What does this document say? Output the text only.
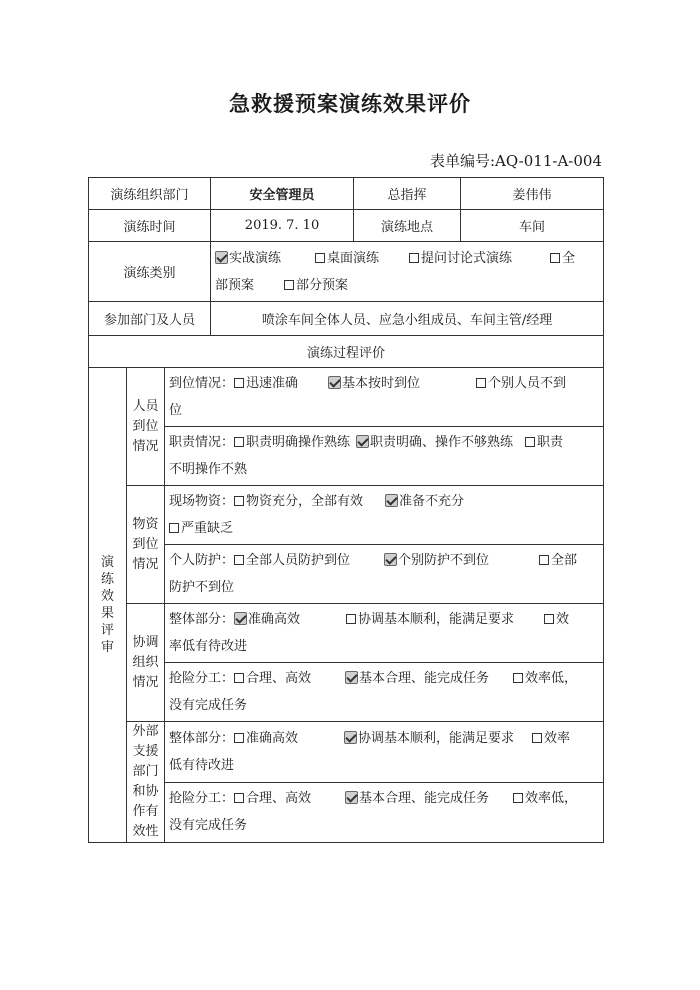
急救援预案演练效果评价
表单编号:AQ-011-A-004
演练组织部门			安全管理员	总指挥	姜伟伟
演练时间			2019. 7. 10	演练地点	车间
演练类别			实战演练 桌面演练 提问讨论式演练 全
部预案 部分预案		
参加部门及人员			喷涂车间全体人员、应急小组成员、车间主管/经理		
演练过程评价					
演练效果评审	人员到位情况	到位情况： 迅速准确 基本按时到位 个别人员不到
位			
		职责情况： 职责明确操作熟练 职责明确、操作不够熟练 职责
不明操作不熟			
	物资到位情况	现场物资： 物资充分，全部有效 准备不充分
严重缺乏			
		个人防护： 全部人员防护到位 个别防护不到位 全部
防护不到位			
	协调组织情况	整体部分： 准确高效 协调基本顺利，能满足要求 效
率低有待改进			
		抢险分工： 合理、高效 基本合理、能完成任务 效率低，
没有完成任务			
	外部支援部门和协作有效性	整体部分： 准确高效 协调基本顺利，能满足要求 效率
低有待改进			
		抢险分工： 合理、高效 基本合理、能完成任务 效率低，
没有完成任务			
